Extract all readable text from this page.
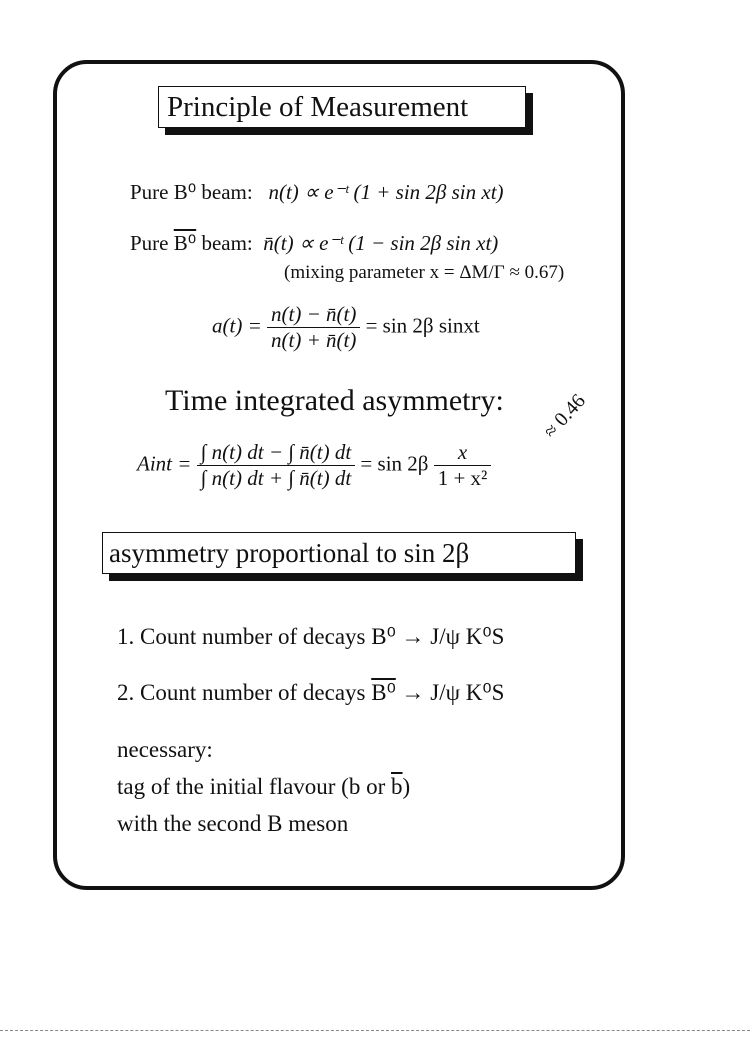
Principle of Measurement
Pure B⁰ beam: n(t) ∝ e⁻ᵗ (1 + sin 2β sin xt)
Pure B⁰ beam: n̄(t) ∝ e⁻ᵗ (1 − sin 2β sin xt)
(mixing parameter x = ΔM/Γ ≈ 0.67)
$a(t) = \frac{n(t) - n̄(t)}{n(t) + n̄(t)} = \sin 2\beta$ sinxt
Time integrated asymmetry: ≈ 0.46
Aint = $\frac{\int n(t) dt - \int n̄(t) dt}{\int n(t) dt + \int n̄(t) dt} = \sin 2\beta \frac{x}{\text{1 + x²}}$
asymmetry proportional to sin 2β
1. Count number of decays B⁰ → J/ψ K⁰S
2. Count number of decays B⁰ → J/ψ K⁰S
necessary:
tag of the initial flavour (b or $\overline{b}$)
with the second B meson
